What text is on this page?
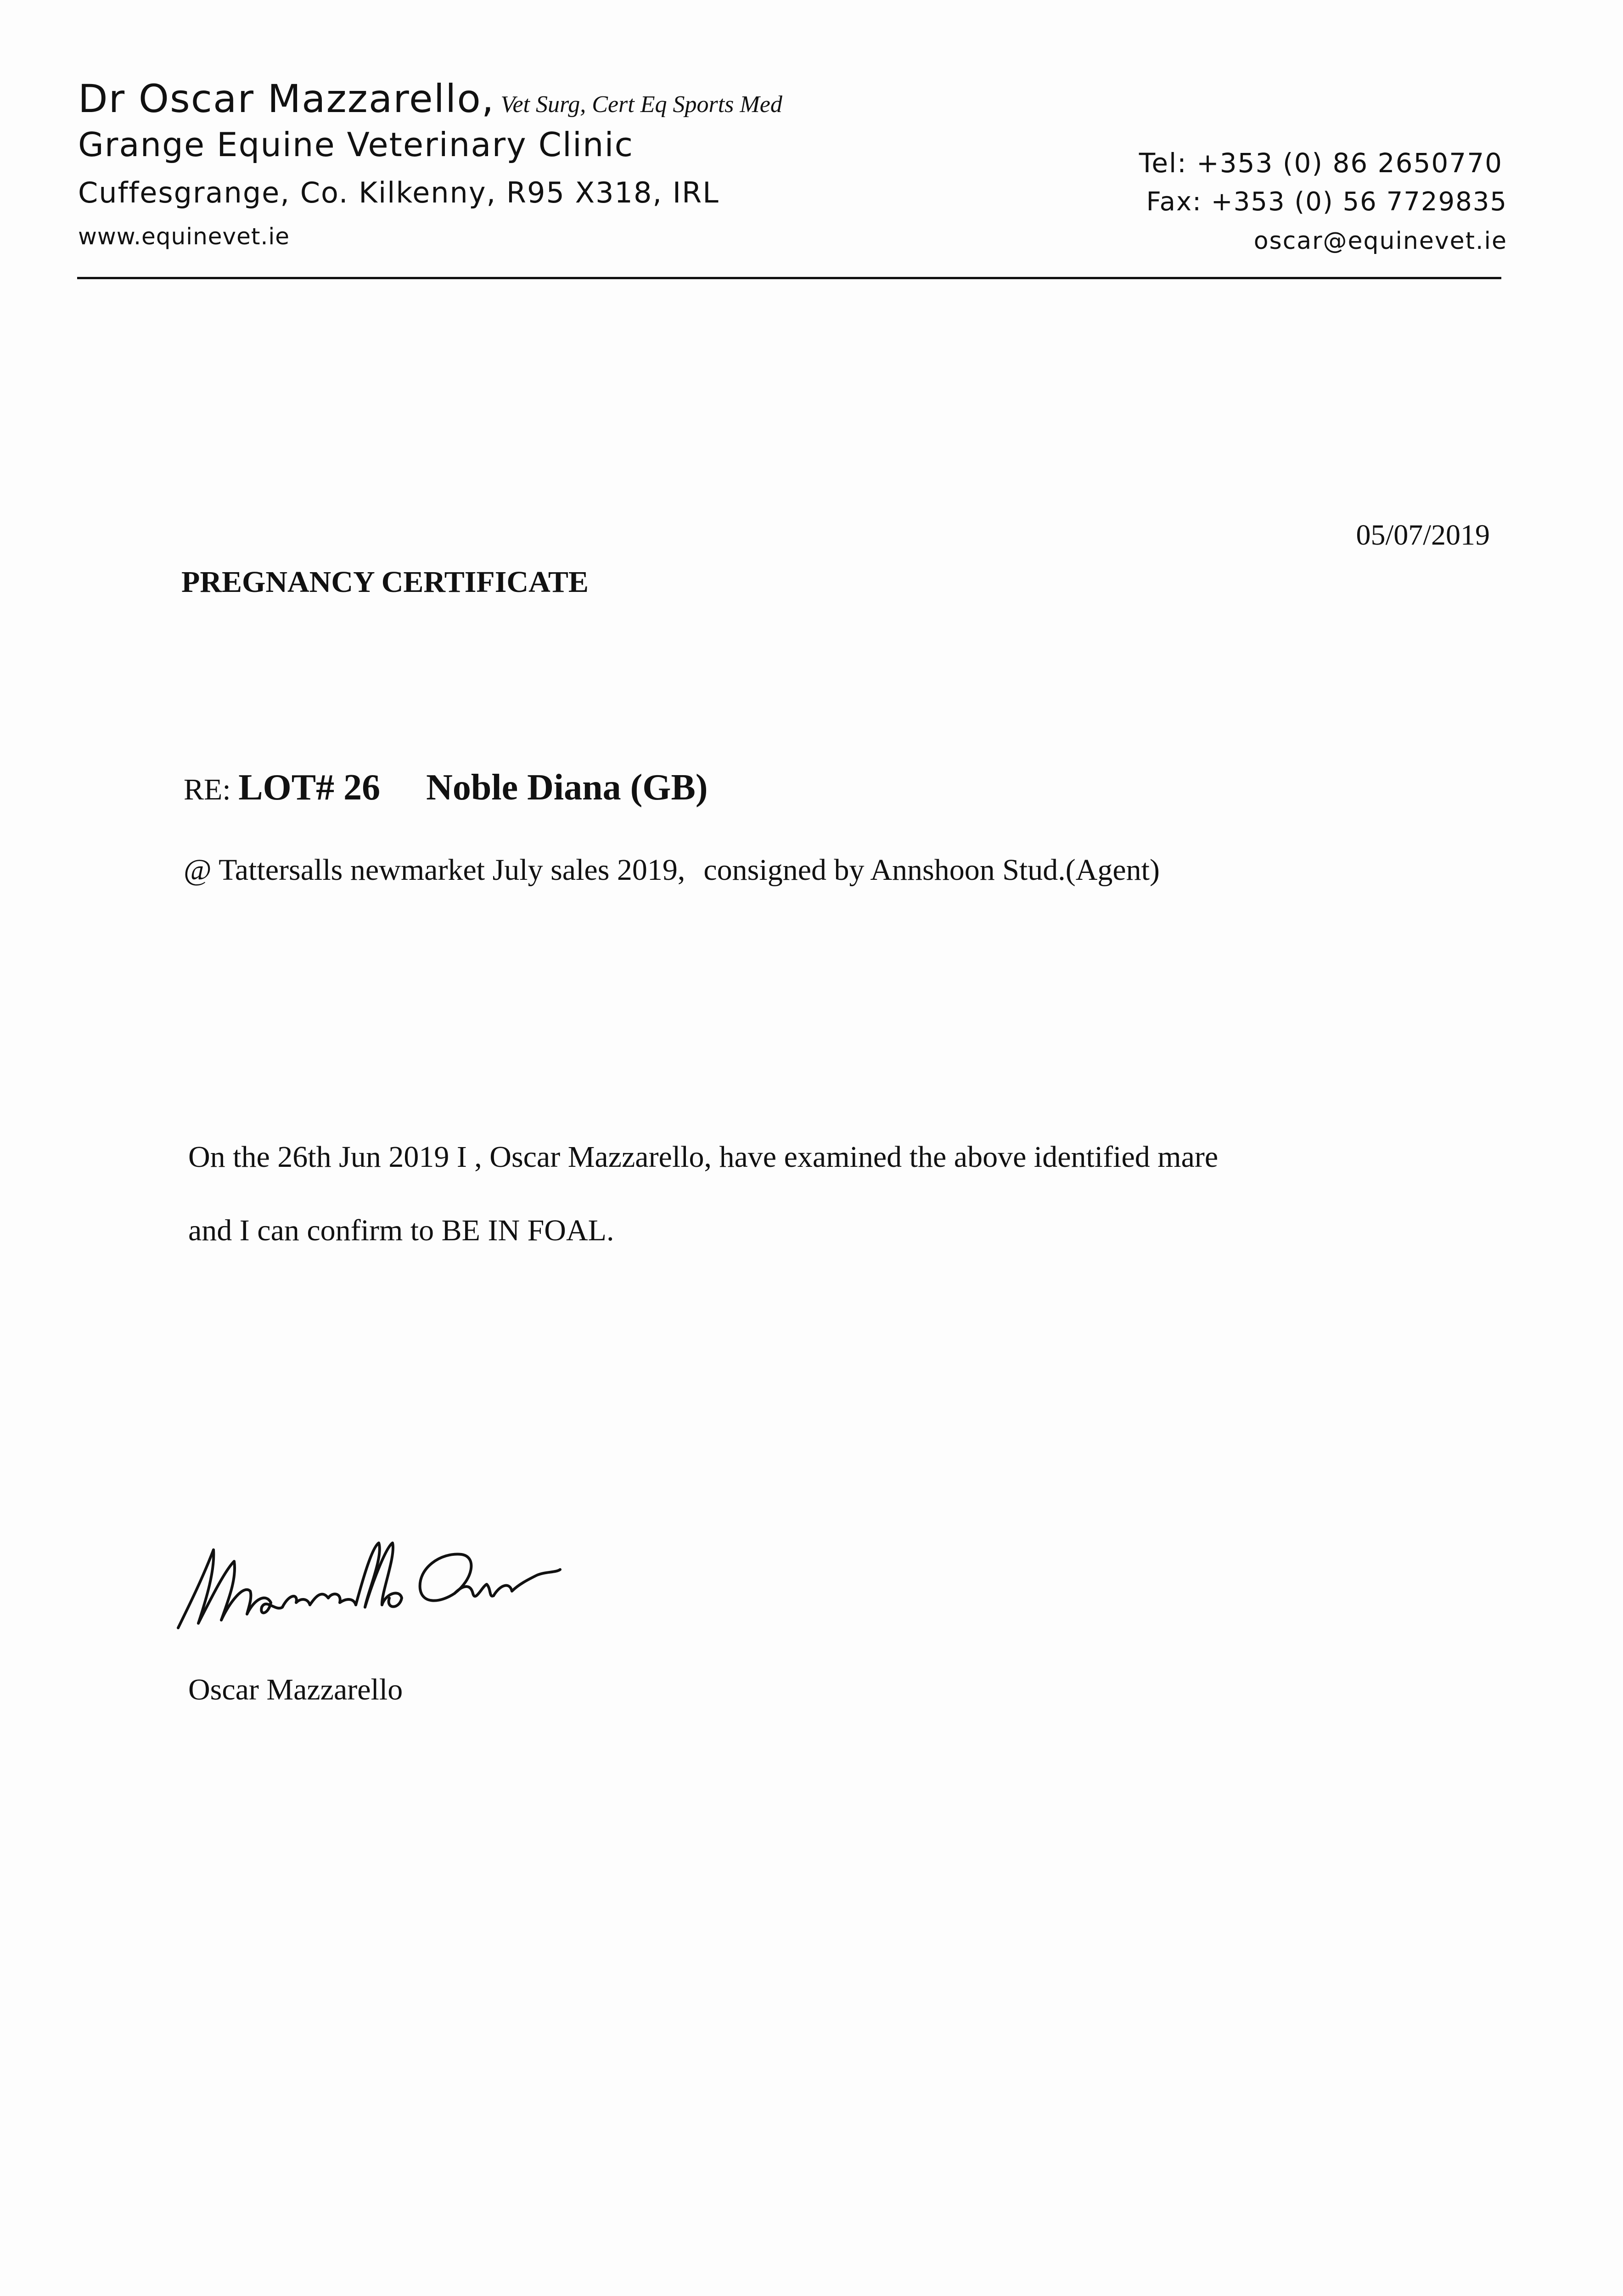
Dr Oscar Mazzarello, Vet Surg, Cert Eq Sports Med
Grange Equine Veterinary Clinic
Cuffesgrange, Co. Kilkenny, R95 X318, IRL
www.equinevet.ie
Tel: +353 (0) 86 2650770
Fax: +353 (0) 56 7729835
oscar@equinevet.ie
05/07/2019
PREGNANCY CERTIFICATE
RE: LOT# 26 Noble Diana (GB)
@ Tattersalls newmarket July sales 2019, consigned by Annshoon Stud.(Agent)
On the 26th Jun 2019 I , Oscar Mazzarello, have examined the above identified mare
and I can confirm to BE IN FOAL.
Oscar Mazzarello
